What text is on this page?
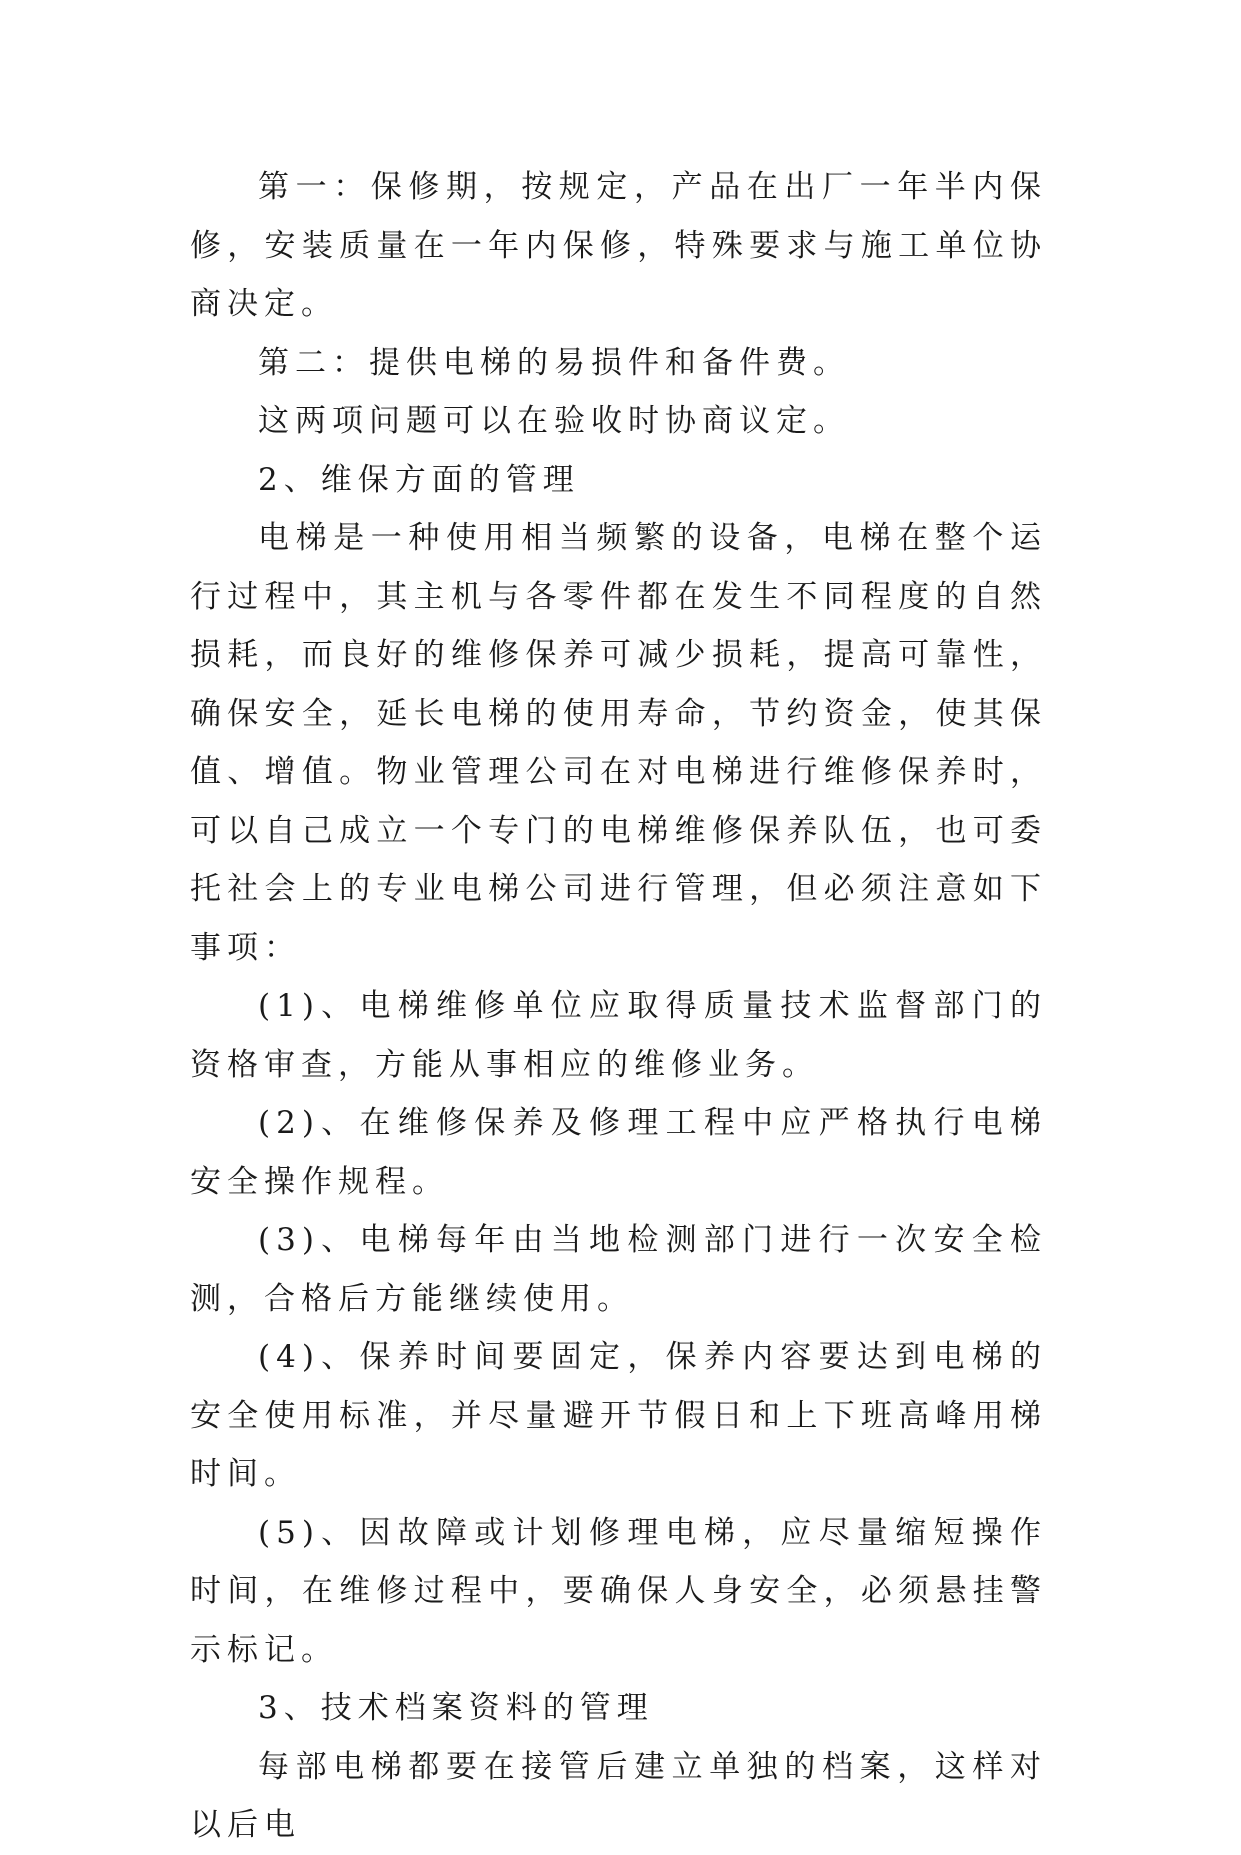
第一：保修期，按规定，产品在出厂一年半内保修，安装质量在一年内保修，特殊要求与施工单位协商决定。

第二：提供电梯的易损件和备件费。

这两项问题可以在验收时协商议定。

2、维保方面的管理

电梯是一种使用相当频繁的设备，电梯在整个运行过程中，其主机与各零件都在发生不同程度的自然损耗，而良好的维修保养可减少损耗，提高可靠性，确保安全，延长电梯的使用寿命，节约资金，使其保值、增值。物业管理公司在对电梯进行维修保养时，可以自己成立一个专门的电梯维修保养队伍，也可委托社会上的专业电梯公司进行管理，但必须注意如下事项：

(1)、电梯维修单位应取得质量技术监督部门的资格审查，方能从事相应的维修业务。

(2)、在维修保养及修理工程中应严格执行电梯安全操作规程。

(3)、电梯每年由当地检测部门进行一次安全检测，合格后方能继续使用。

(4)、保养时间要固定，保养内容要达到电梯的安全使用标准，并尽量避开节假日和上下班高峰用梯时间。

(5)、因故障或计划修理电梯，应尽量缩短操作时间，在维修过程中，要确保人身安全，必须悬挂警示标记。

3、技术档案资料的管理

每部电梯都要在接管后建立单独的档案，这样对以后电
